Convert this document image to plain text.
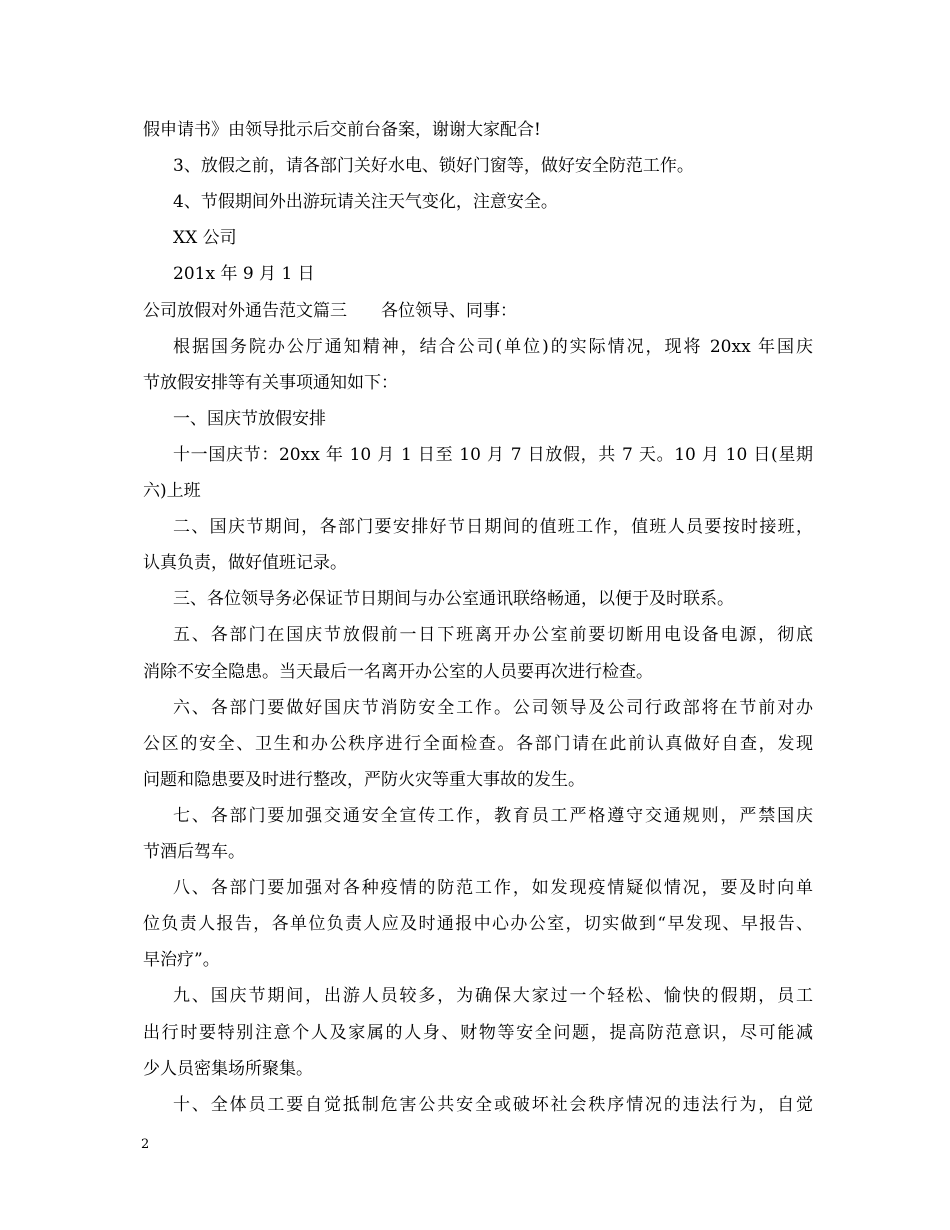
假申请书》由领导批示后交前台备案，谢谢大家配合!
3、放假之前，请各部门关好水电、锁好门窗等，做好安全防范工作。
4、节假期间外出游玩请关注天气变化，注意安全。
XX 公司
201x 年 9 月 1 日
公司放假对外通告范文篇三　　各位领导、同事：
根据国务院办公厅通知精神，结合公司(单位)的实际情况，现将 20xx 年国庆
节放假安排等有关事项通知如下：
一、国庆节放假安排
十一国庆节：20xx 年 10 月 1 日至 10 月 7 日放假，共 7 天。10 月 10 日(星期
六)上班
二、国庆节期间，各部门要安排好节日期间的值班工作，值班人员要按时接班，
认真负责，做好值班记录。
三、各位领导务必保证节日期间与办公室通讯联络畅通，以便于及时联系。
五、各部门在国庆节放假前一日下班离开办公室前要切断用电设备电源，彻底
消除不安全隐患。当天最后一名离开办公室的人员要再次进行检查。
六、各部门要做好国庆节消防安全工作。公司领导及公司行政部将在节前对办
公区的安全、卫生和办公秩序进行全面检查。各部门请在此前认真做好自查，发现
问题和隐患要及时进行整改，严防火灾等重大事故的发生。
七、各部门要加强交通安全宣传工作，教育员工严格遵守交通规则，严禁国庆
节酒后驾车。
八、各部门要加强对各种疫情的防范工作，如发现疫情疑似情况，要及时向单
位负责人报告，各单位负责人应及时通报中心办公室，切实做到“早发现、早报告、
早治疗”。
九、国庆节期间，出游人员较多，为确保大家过一个轻松、愉快的假期，员工
出行时要特别注意个人及家属的人身、财物等安全问题，提高防范意识，尽可能减
少人员密集场所聚集。
十、全体员工要自觉抵制危害公共安全或破坏社会秩序情况的违法行为，自觉
2
